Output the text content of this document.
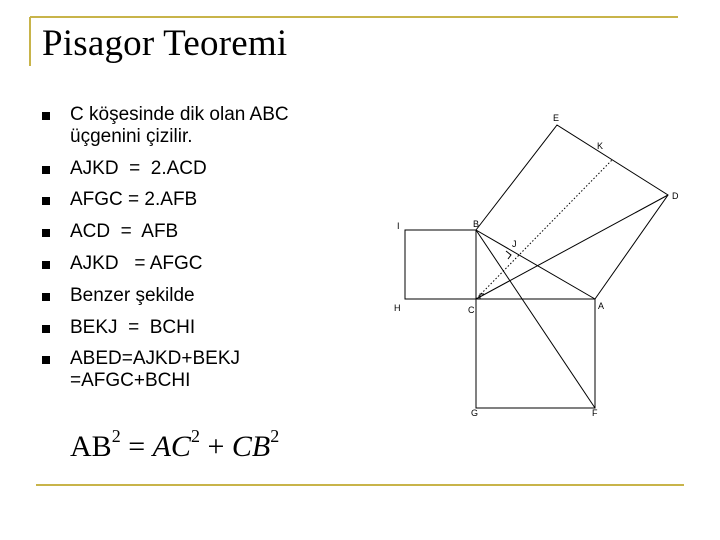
Pisagor Teoremi
C köşesinde dik olan ABC üçgenini çizilir.
AJKD  =  2.ACD
AFGC = 2.AFB
ACD  =  AFB
AJKD   = AFGC
Benzer şekilde
BEKJ  =  BCHI
ABED=AJKD+BEKJ =AFGC+BCHI
$AB^2 = AC^2 + CB^2$
E
K
D
I	B
J
H	C	A
G	F
